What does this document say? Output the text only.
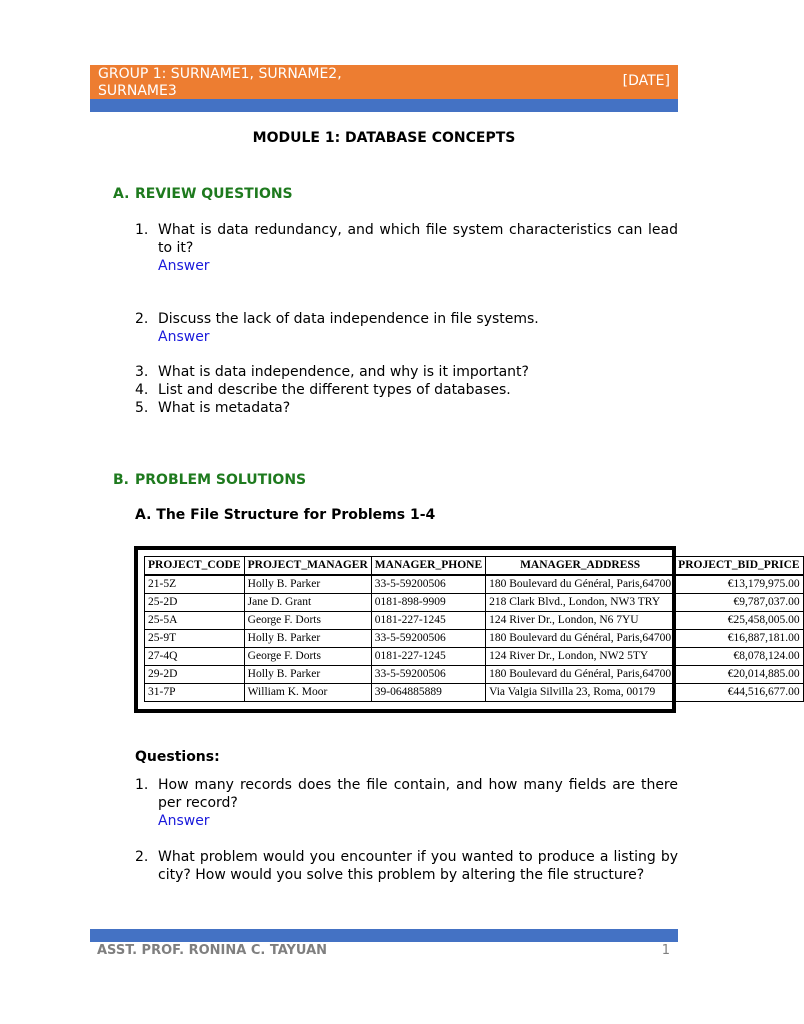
GROUP 1: SURNAME1, SURNAME2, SURNAME3
[DATE]
MODULE 1: DATABASE CONCEPTS
A. REVIEW QUESTIONS
1. What is data redundancy, and which file system characteristics can lead to it?
Answer
2. Discuss the lack of data independence in file systems.
Answer
3. What is data independence, and why is it important?
4. List and describe the different types of databases.
5. What is metadata?
B. PROBLEM SOLUTIONS
A. The File Structure for Problems 1-4
PROJECT_CODE	PROJECT_MANAGER	MANAGER_PHONE	MANAGER_ADDRESS	PROJECT_BID_PRICE
21-5Z	Holly B. Parker	33-5-59200506	180 Boulevard du Général, Paris,64700	€13,179,975.00
25-2D	Jane D. Grant	0181-898-9909	218 Clark Blvd., London, NW3 TRY	€9,787,037.00
25-5A	George F. Dorts	0181-227-1245	124 River Dr., London, N6 7YU	€25,458,005.00
25-9T	Holly B. Parker	33-5-59200506	180 Boulevard du Général, Paris,64700	€16,887,181.00
27-4Q	George F. Dorts	0181-227-1245	124 River Dr., London, NW2 5TY	€8,078,124.00
29-2D	Holly B. Parker	33-5-59200506	180 Boulevard du Général, Paris,64700	€20,014,885.00
31-7P	William K. Moor	39-064885889	Via Valgia Silvilla 23, Roma, 00179	€44,516,677.00
Questions:
1. How many records does the file contain, and how many fields are there per record?
Answer
2. What problem would you encounter if you wanted to produce a listing by city? How would you solve this problem by altering the file structure?
ASST. PROF. RONINA C. TAYUAN	1
